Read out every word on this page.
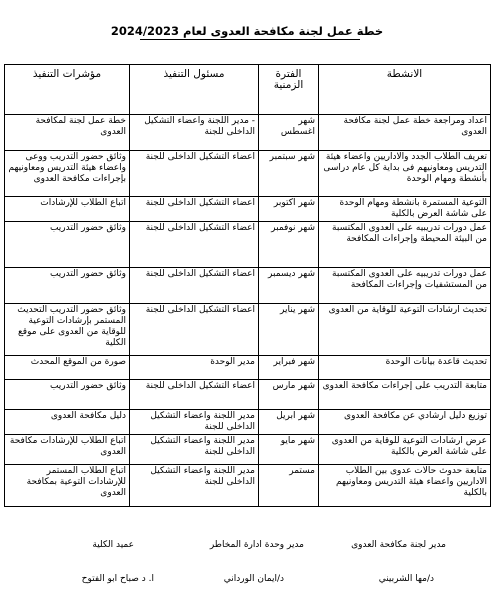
خطة عمل لجنة مكافحة العدوى لعام 2024/2023
الانشطة	الفترة الزمنية	مسئول التنفيذ	مؤشرات التنفيذ
اعداد ومراجعة خطة عمل لجنة مكافحة العدوى	شهر اغسطس	- مدير اللجنة واعضاء التشكيل الداخلى للجنة	خطة عمل لجنة لمكافحة العدوى
تعريف الطلاب الجدد والاداريين واعضاء هيئة التدريس ومعاونيهم فى بداية كل عام دراسى بأنشطة ومهام الوحدة	شهر سبتمبر	اعضاء التشكيل الداخلى للجنة	وثائق حضور التدريب ووعى واعضاء هيئة التدريس ومعاونيهم بإجراءات مكافحة العدوى
التوعية المستمرة بانشطة ومهام الوحدة على شاشة العرض بالكلية	شهر اكتوبر	اعضاء التشكيل الداخلى للجنة	اتباع الطلاب للإرشادات
عمل دورات تدريبيه على العدوى المكتسبة من البيئة المحيطة وإجراءات المكافحة	شهر نوفمبر	اعضاء التشكيل الداخلى للجنة	وثائق حضور التدريب
عمل دورات تدريبيه على العدوى المكتسبة من المستشفيات وإجراءات المكافحة	شهر ديسمبر	اعضاء التشكيل الداخلى للجنة	وثائق حضور التدريب
تحديث ارشادات التوعية للوقاية من العدوى	شهر يناير	اعضاء التشكيل الداخلى للجنة	وثائق حضور التدريب التحديث المستمر بإرشادات التوعية للوقاية من العدوى على موقع الكلية
تحديث قاعدة بيانات الوحدة	شهر فبراير	مدير الوحدة	صورة من الموقع المحدث
متابعة التدريب على إجراءات مكافحة العدوى	شهر مارس	اعضاء التشكيل الداخلى للجنة	وثائق حضور التدريب
توزيع دليل ارشادي عن مكافحة العدوى	شهر ابريل	مدير اللجنة واعضاء التشكيل الداخلى للجنة	دليل مكافحة العدوى
عرض ارشادات التوعية للوقاية من العدوى على شاشة العرض بالكلية	شهر مايو	مدير اللجنة واعضاء التشكيل الداخلى للجنة	اتباع الطلاب للإرشادات مكافحة العدوى
متابعة حدوث حالات عدوى بين الطلاب الاداريين واعضاء هيئة التدريس ومعاونيهم بالكلية	مستمر	مدير اللجنة واعضاء التشكيل الداخلى للجنة	اتباع الطلاب المستمر للإرشادات التوعية بمكافحة العدوى
مدير لجنة مكافحة العدوى
مدير وحدة ادارة المخاطر
عميد الكلية
د/مها الشربيني
د/ايمان الورداني
ا. د صباح ابو الفتوح
